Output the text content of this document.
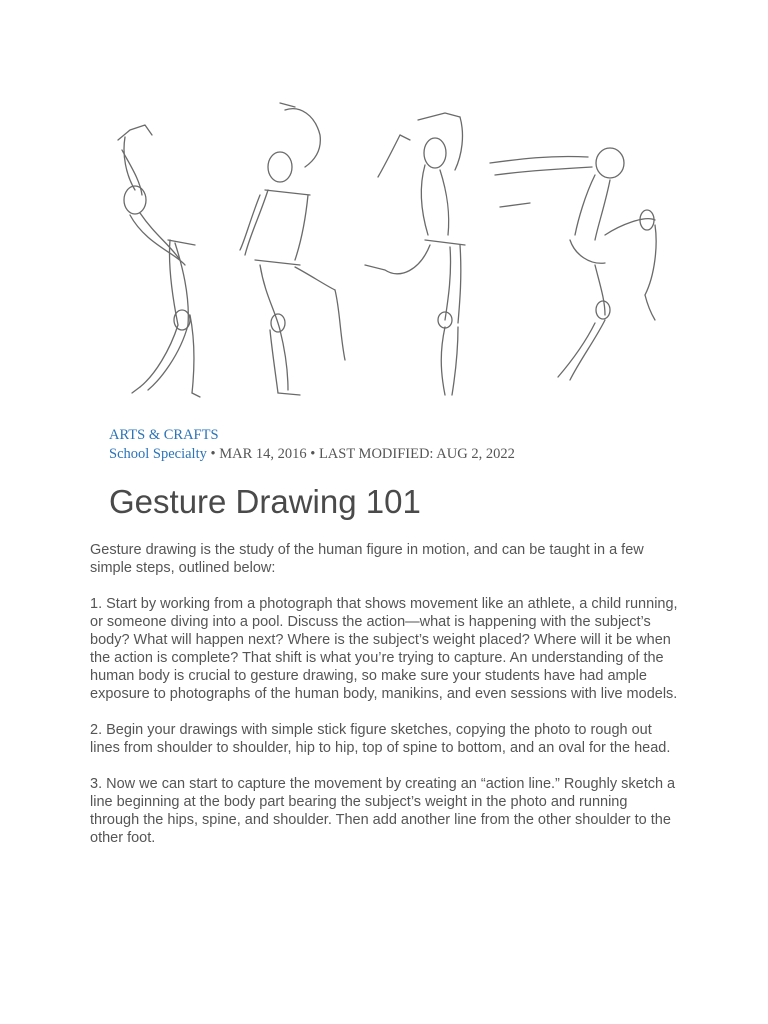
ARTS & CRAFTS
School Specialty • MAR 14, 2016 • LAST MODIFIED: AUG 2, 2022
Gesture Drawing 101

Gesture drawing is the study of the human figure in motion, and can be taught in a few simple steps, outlined below:

1. Start by working from a photograph that shows movement like an athlete, a child running, or someone diving into a pool. Discuss the action—what is happening with the subject’s body? What will happen next? Where is the subject’s weight placed? Where will it be when the action is complete? That shift is what you’re trying to capture. An understanding of the human body is crucial to gesture drawing, so make sure your students have had ample exposure to photographs of the human body, manikins, and even sessions with live models.

2. Begin your drawings with simple stick figure sketches, copying the photo to rough out lines from shoulder to shoulder, hip to hip, top of spine to bottom, and an oval for the head.

3. Now we can start to capture the movement by creating an “action line.” Roughly sketch a line beginning at the body part bearing the subject’s weight in the photo and running through the hips, spine, and shoulder. Then add another line from the other shoulder to the other foot.
